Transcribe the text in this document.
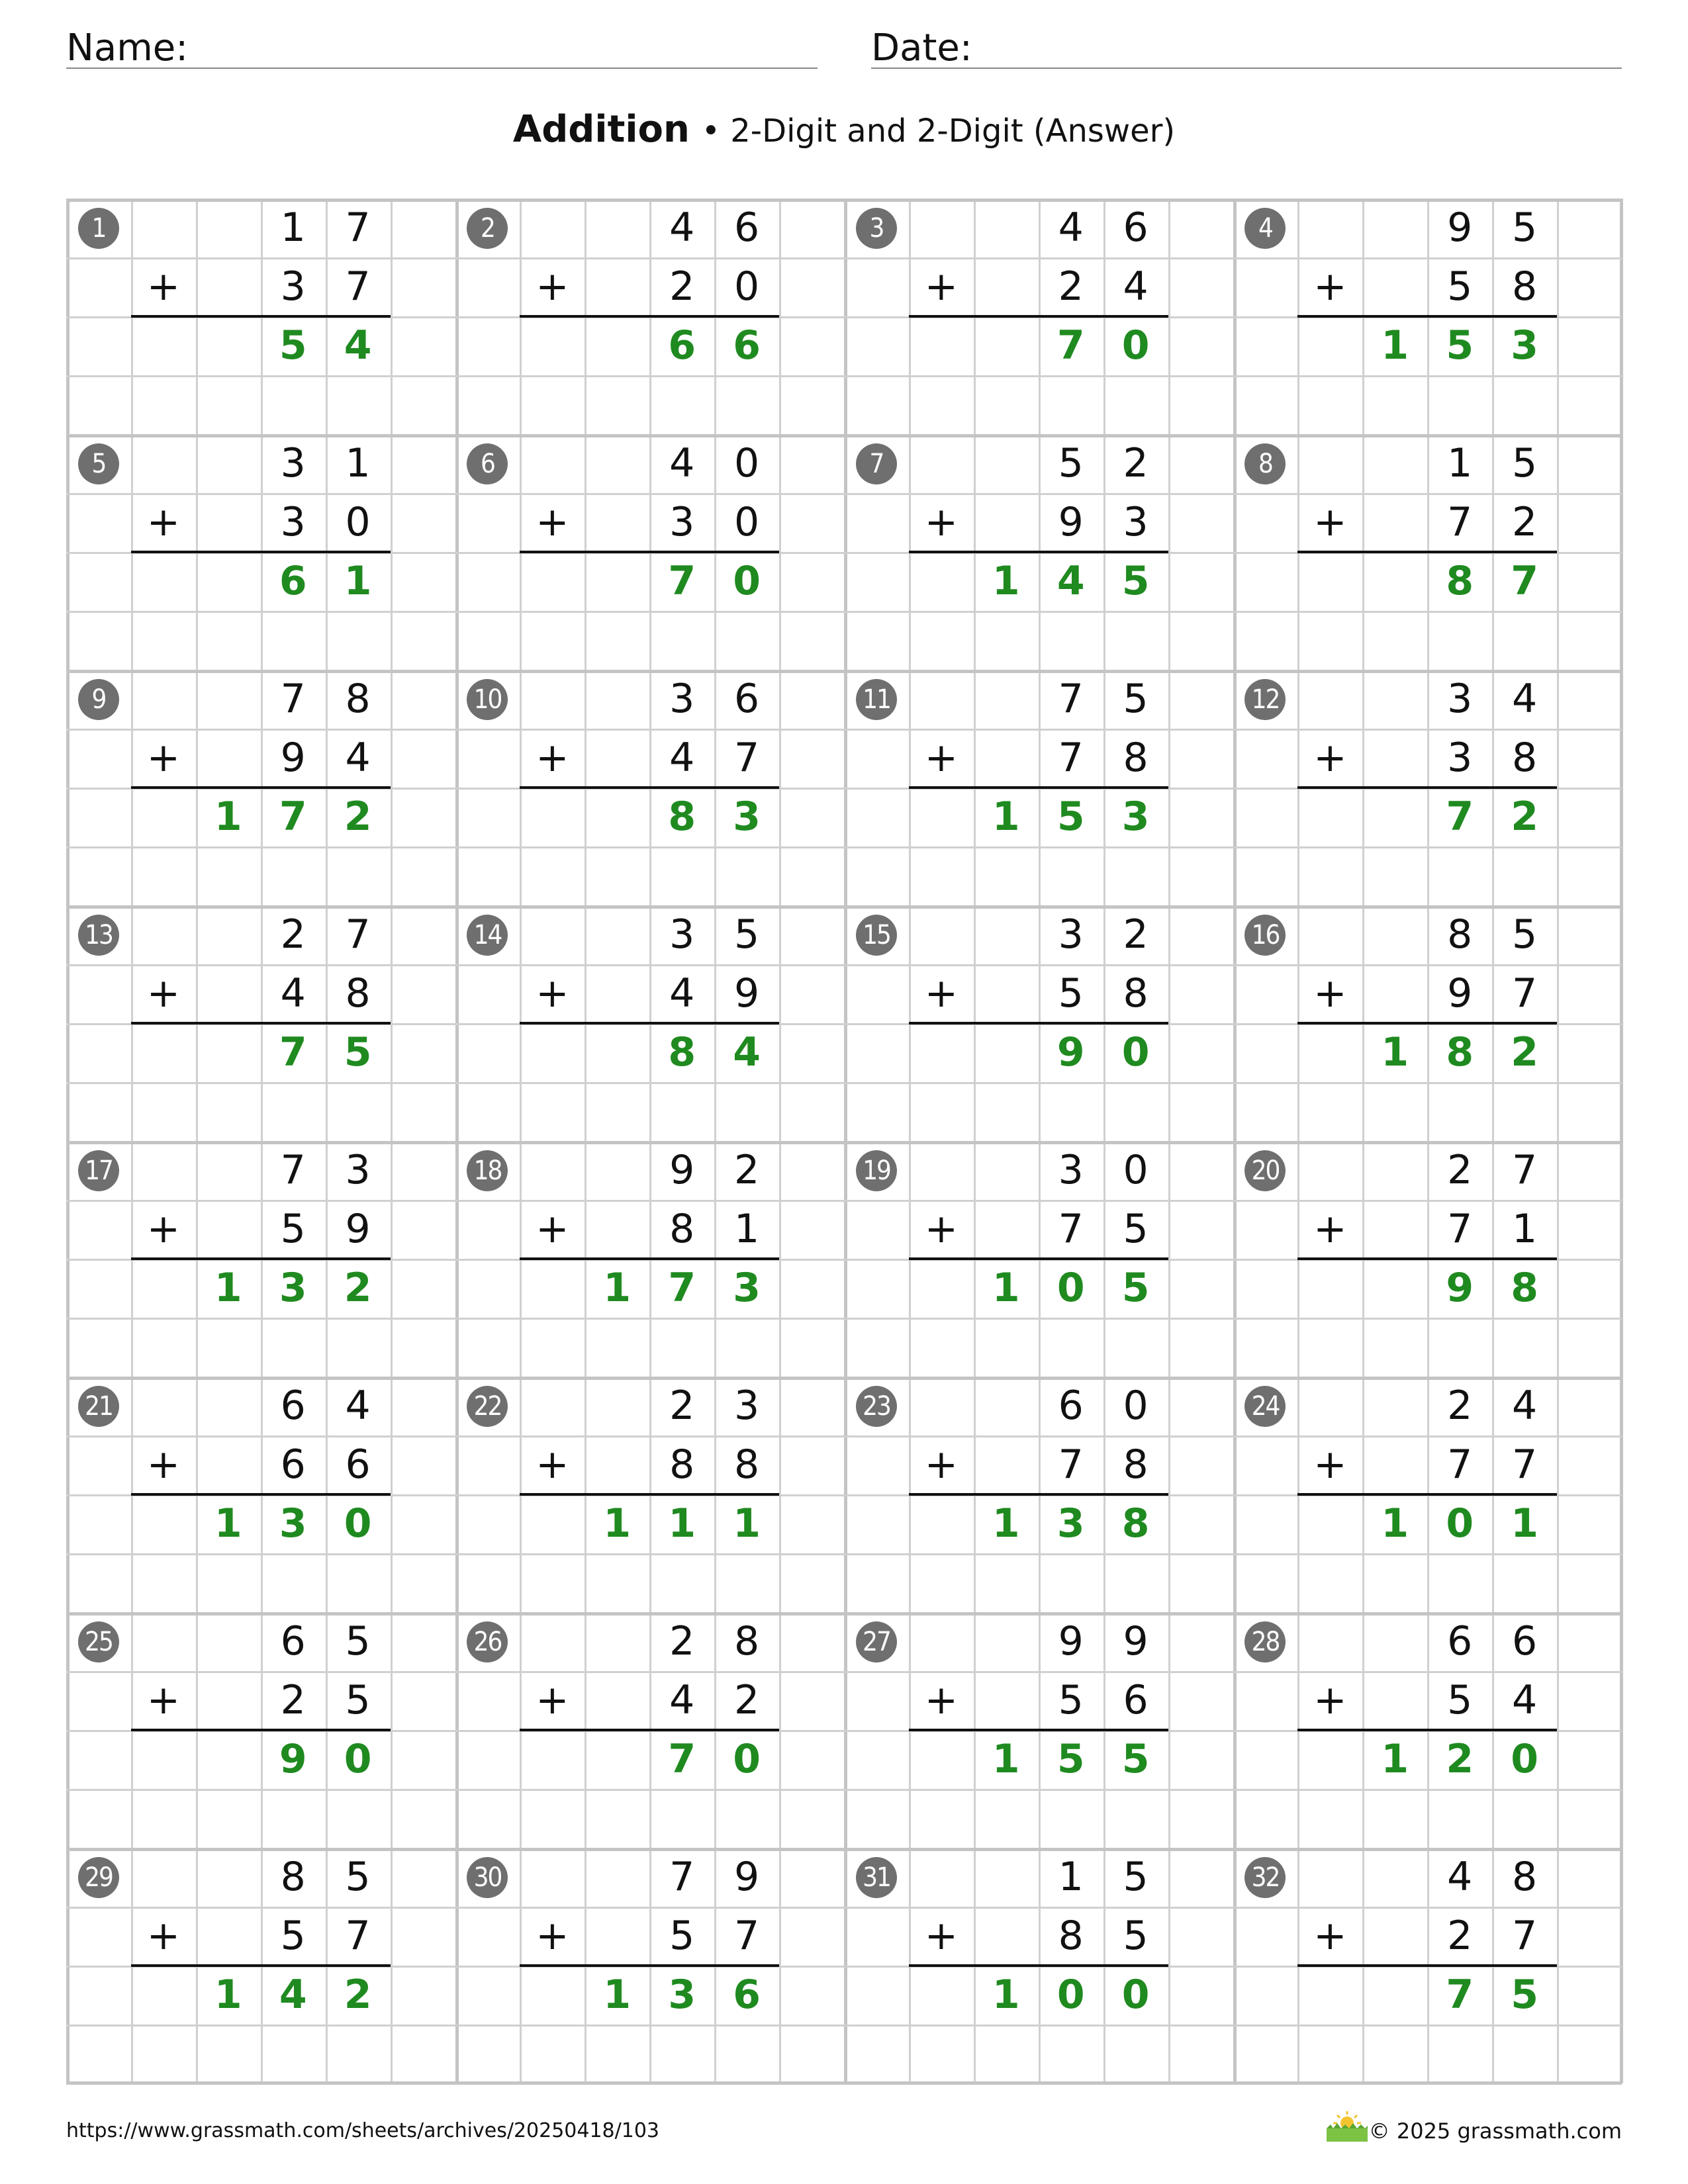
Name:	Date:
Addition • 2-Digit and 2-Digit (Answer)
1	1 7
+	3 7
5 4
2	4 6
+	2 0
6 6
3	4 6
+	2 4
7 0
4	9 5
+	5 8
1 5 3
5	3 1
+	3 0
6 1
6	4 0
+	3 0
7 0
7	5 2
+	9 3
1 4 5
8	1 5
+	7 2
8 7
9	7 8
+	9 4
1 7 2
10	3 6
+	4 7
8 3
11	7 5
+	7 8
1 5 3
12	3 4
+	3 8
7 2
13	2 7
+	4 8
7 5
14	3 5
+	4 9
8 4
15	3 2
+	5 8
9 0
16	8 5
+	9 7
1 8 2
17	7 3
+	5 9
1 3 2
18	9 2
+	8 1
1 7 3
19	3 0
+	7 5
1 0 5
20	2 7
+	7 1
9 8
21	6 4
+	6 6
1 3 0
22	2 3
+	8 8
1 1 1
23	6 0
+	7 8
1 3 8
24	2 4
+	7 7
1 0 1
25	6 5
+	2 5
9 0
26	2 8
+	4 2
7 0
27	9 9
+	5 6
1 5 5
28	6 6
+	5 4
1 2 0
29	8 5
+	5 7
1 4 2
30	7 9
+	5 7
1 3 6
31	1 5
+	8 5
1 0 0
32	4 8
+	2 7
7 5
https://www.grassmath.com/sheets/archives/20250418/103	© 2025 grassmath.com
